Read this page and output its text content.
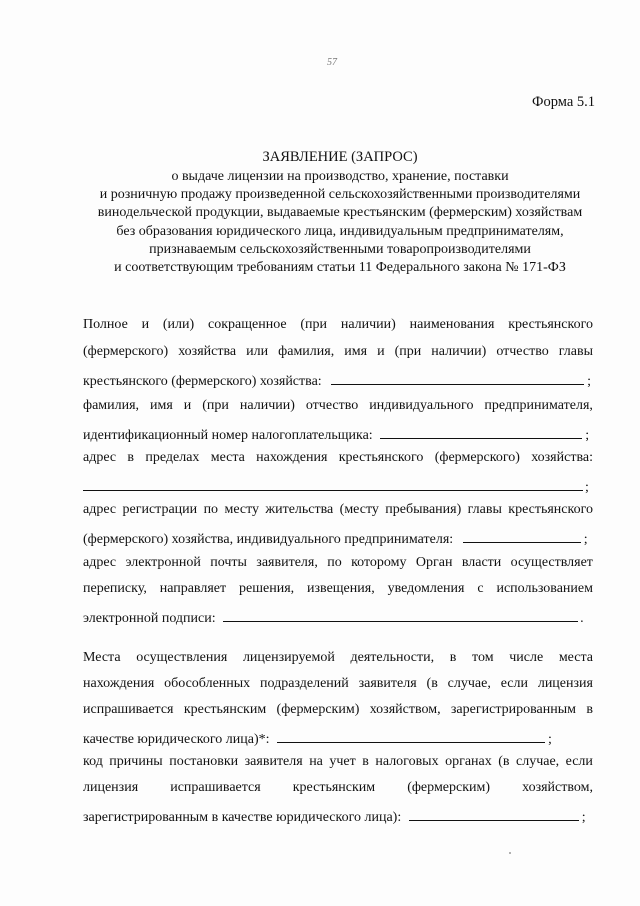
57
Форма 5.1
ЗАЯВЛЕНИЕ (ЗАПРОС)
о выдаче лицензии на производство, хранение, поставки
и розничную продажу произведенной сельскохозяйственными производителями
винодельческой продукции, выдаваемые крестьянским (фермерским) хозяйствам
без образования юридического лица, индивидуальным предпринимателям,
признаваемым сельскохозяйственными товаропроизводителями
и соответствующим требованиям статьи 11 Федерального закона № 171-ФЗ
Полное и (или) сокращенное (при наличии) наименования крестьянского
(фермерского) хозяйства или фамилия, имя и (при наличии) отчество главы
крестьянского (фермерского) хозяйства:	;
фамилия, имя и (при наличии) отчество индивидуального предпринимателя,
идентификационный номер налогоплательщика:	;
адрес в пределах места нахождения крестьянского (фермерского) хозяйства:
;
адрес регистрации по месту жительства (месту пребывания) главы крестьянского
(фермерского) хозяйства, индивидуального предпринимателя:	;
адрес электронной почты заявителя, по которому Орган власти осуществляет
переписку, направляет решения, извещения, уведомления с использованием
электронной подписи:	.
Места осуществления лицензируемой деятельности, в том числе места
нахождения обособленных подразделений заявителя (в случае, если лицензия
испрашивается крестьянским (фермерским) хозяйством, зарегистрированным в
качестве юридического лица)*:	;
код причины постановки заявителя на учет в налоговых органах (в случае, если
лицензия испрашивается крестьянским (фермерским) хозяйством,
зарегистрированным в качестве юридического лица):	;
